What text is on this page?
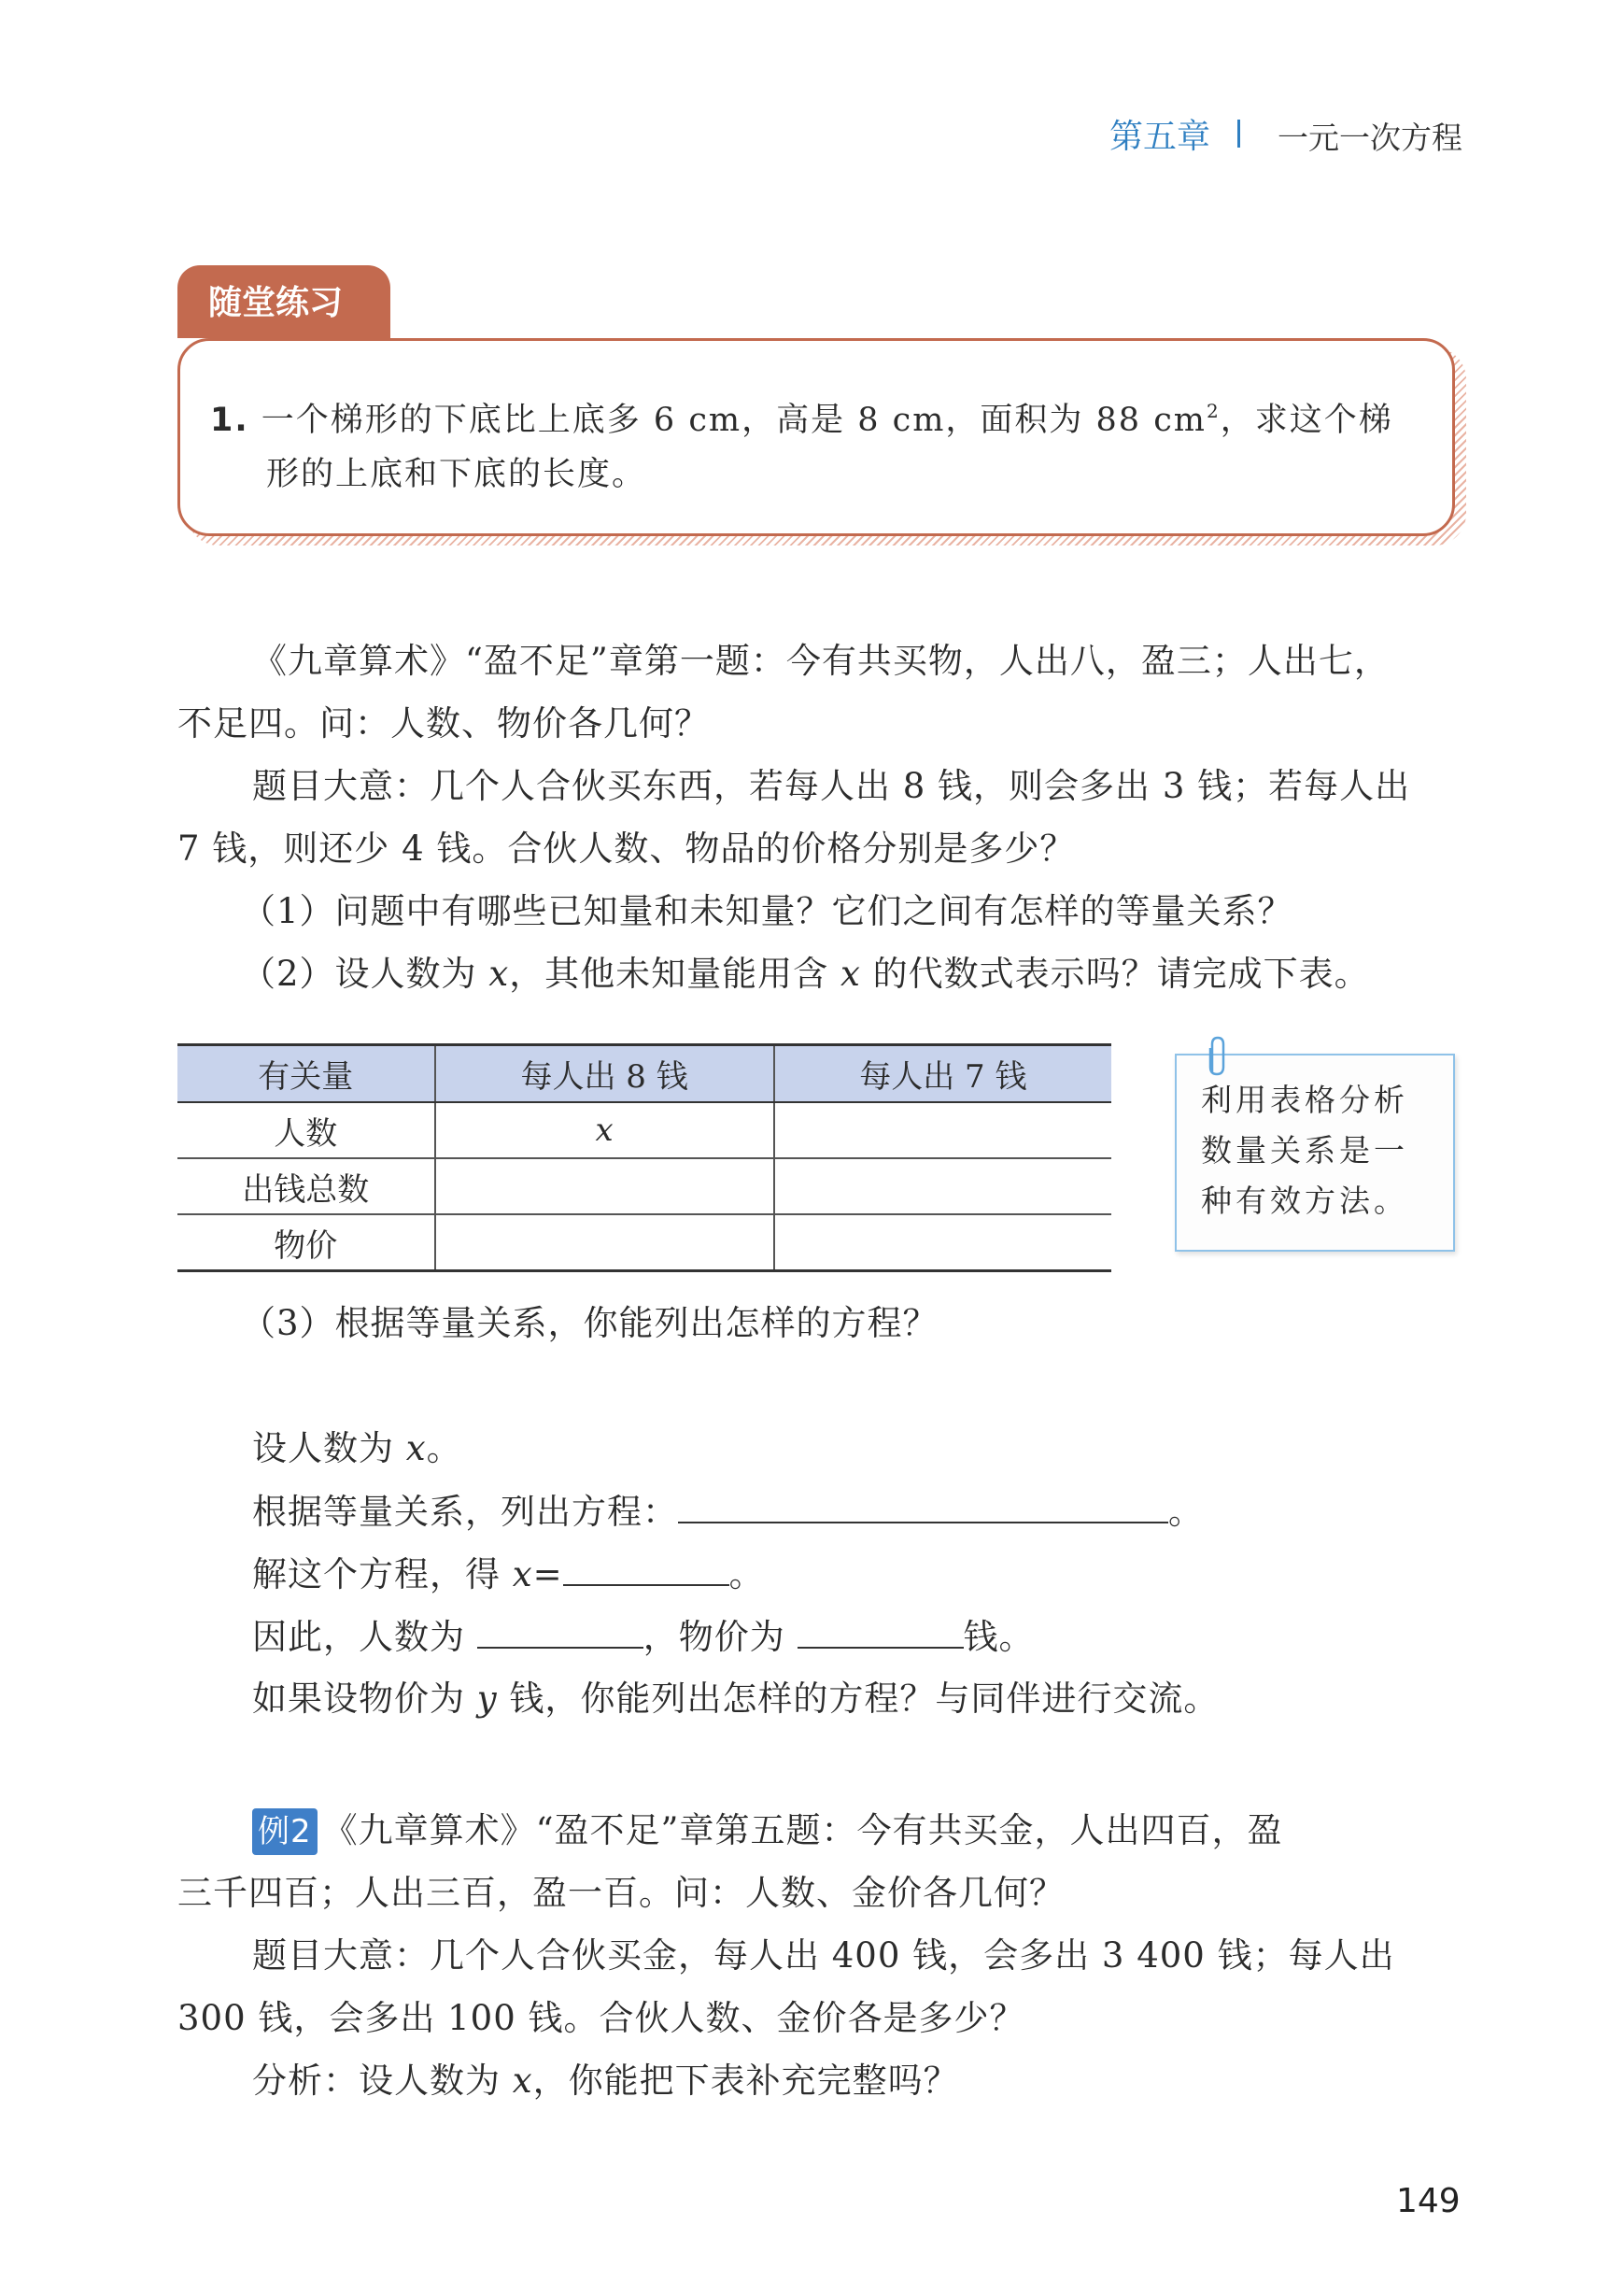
第五章 一元一次方程
随堂练习
1. 一个梯形的下底比上底多 6 cm，高是 8 cm，面积为 88 $cm^2$，求这个梯
形的上底和下底的长度。
《九章算术》“盈不足”章第一题：今有共买物，人出八，盈三；人出七，
不足四。问：人数、物价各几何？
题目大意：几个人合伙买东西，若每人出 8 钱，则会多出 3 钱；若每人出
7 钱，则还少 4 钱。合伙人数、物品的价格分别是多少？
（1）问题中有哪些已知量和未知量？它们之间有怎样的等量关系？
（2）设人数为 x，其他未知量能用含 x 的代数式表示吗？请完成下表。
有关量	每人出 8 钱	每人出 7 钱
人数	x	
出钱总数		
物价		
利用表格分析
数量关系是一
种有效方法。
（3）根据等量关系，你能列出怎样的方程？
设人数为 x。
根据等量关系，列出方程：	。
解这个方程，得 x=	。
因此，人数为	，物价为	钱。
如果设物价为 y 钱，你能列出怎样的方程？与同伴进行交流。
例2 《九章算术》“盈不足”章第五题：今有共买金，人出四百，盈
三千四百；人出三百，盈一百。问：人数、金价各几何？
题目大意：几个人合伙买金，每人出 400 钱，会多出 3 400 钱；每人出
300 钱，会多出 100 钱。合伙人数、金价各是多少？
分析：设人数为 x，你能把下表补充完整吗？
149
